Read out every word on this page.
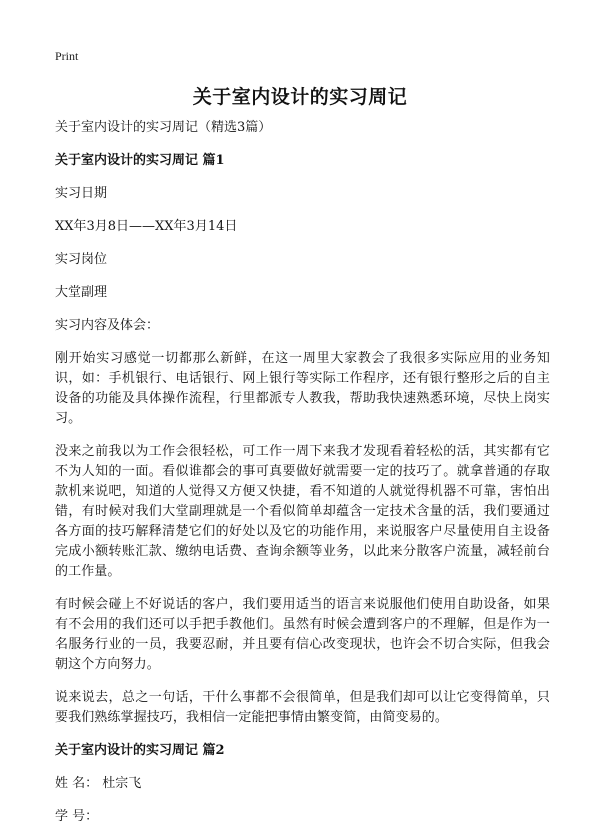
Print
关于室内设计的实习周记
关于室内设计的实习周记（精选3篇）
关于室内设计的实习周记 篇1
实习日期
XX年3月8日——XX年3月14日
实习岗位
大堂副理
实习内容及体会：

刚开始实习感觉一切都那么新鲜，在这一周里大家教会了我很多实际应用的业务知识，如：手机银行、电话银行、网上银行等实际工作程序，还有银行整形之后的自主设备的功能及具体操作流程，行里都派专人教我，帮助我快速熟悉环境，尽快上岗实习。

没来之前我以为工作会很轻松，可工作一周下来我才发现看着轻松的活，其实都有它不为人知的一面。看似谁都会的事可真要做好就需要一定的技巧了。就拿普通的存取款机来说吧，知道的人觉得又方便又快捷，看不知道的人就觉得机器不可靠，害怕出错，有时候对我们大堂副理就是一个看似简单却蕴含一定技术含量的活，我们要通过各方面的技巧解释清楚它们的好处以及它的功能作用，来说服客户尽量使用自主设备完成小额转账汇款、缴纳电话费、查询余额等业务，以此来分散客户流量，减轻前台的工作量。

有时候会碰上不好说话的客户，我们要用适当的语言来说服他们使用自助设备，如果有不会用的我们还可以手把手教他们。虽然有时候会遭到客户的不理解，但是作为一名服务行业的一员，我要忍耐，并且要有信心改变现状，也许会不切合实际，但我会朝这个方向努力。

说来说去，总之一句话，干什么事都不会很简单，但是我们却可以让它变得简单，只要我们熟练掌握技巧，我相信一定能把事情由繁变简，由简变易的。

关于室内设计的实习周记 篇2
姓 名： 杜宗飞
学 号：
